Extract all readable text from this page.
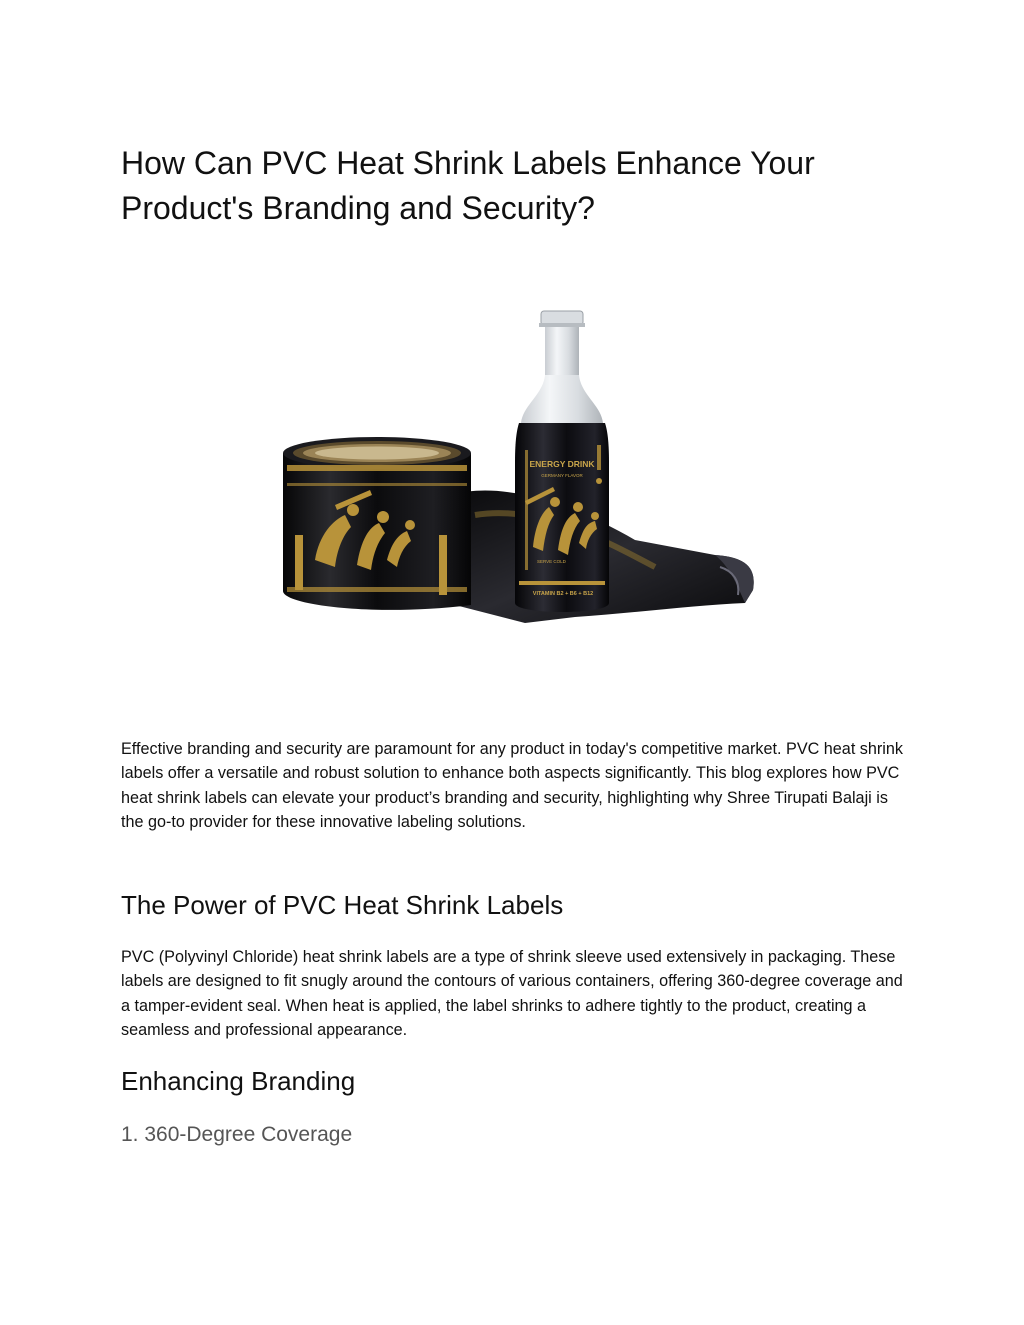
How Can PVC Heat Shrink Labels Enhance Your Product's Branding and Security?
ENERGY DRINK
GERMANY FLAVOR
SERVE COLD
VITAMIN B2 + B6 + B12

Effective branding and security are paramount for any product in today's competitive market. PVC heat shrink labels offer a versatile and robust solution to enhance both aspects significantly. This blog explores how PVC heat shrink labels can elevate your product’s branding and security, highlighting why Shree Tirupati Balaji is the go-to provider for these innovative labeling solutions.

The Power of PVC Heat Shrink Labels

PVC (Polyvinyl Chloride) heat shrink labels are a type of shrink sleeve used extensively in packaging. These labels are designed to fit snugly around the contours of various containers, offering 360-degree coverage and a tamper-evident seal. When heat is applied, the label shrinks to adhere tightly to the product, creating a seamless and professional appearance.

Enhancing Branding
1. 360-Degree Coverage
